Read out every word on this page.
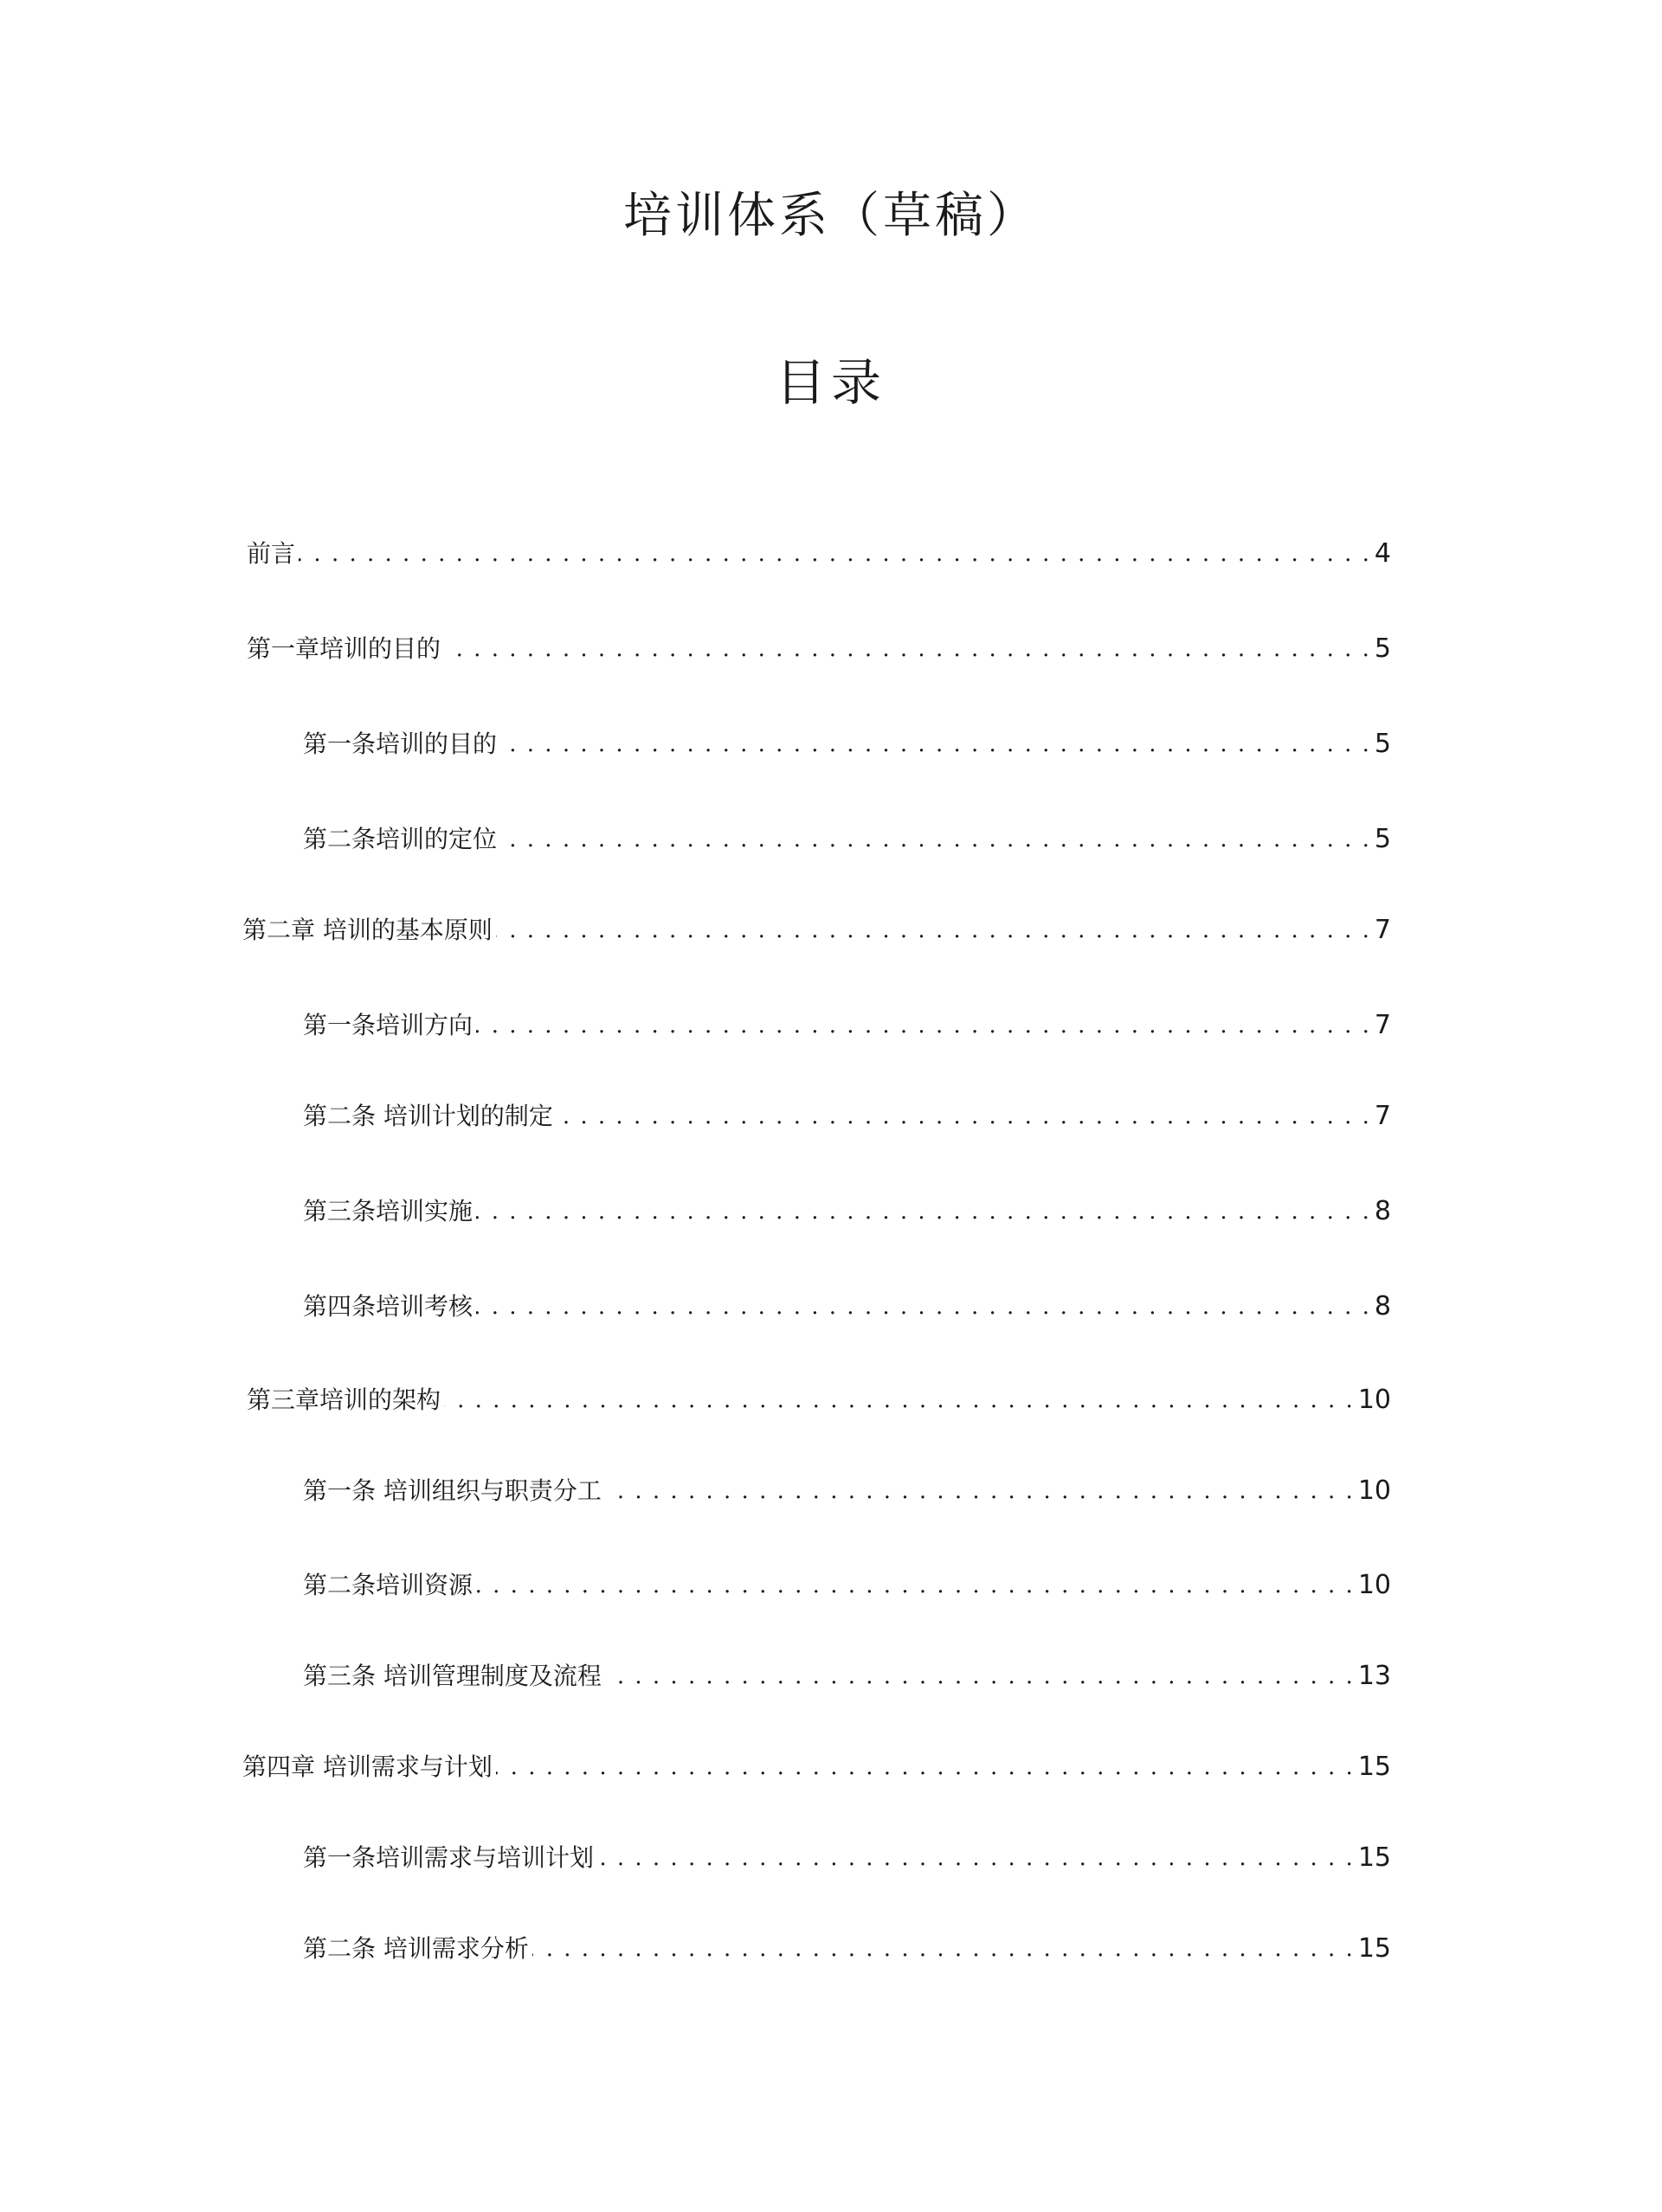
培训体系（草稿）
目录
前言 . . .	4
第一章培训的目的 . . .	5
第一条培训的目的 . . .	5
第二条培训的定位 . . .	5
第二章 培训的基本原则 . . .	7
第一条培训方向 . . .	7
第二条 培训计划的制定 . . .	7
第三条培训实施 . . .	8
第四条培训考核 . . .	8
第三章培训的架构 . . .	10
第一条 培训组织与职责分工 . . .	10
第二条培训资源 . . .	10
第三条 培训管理制度及流程 . . .	13
第四章 培训需求与计划 . . .	15
第一条培训需求与培训计划 . . .	15
第二条 培训需求分析 . . .	15
